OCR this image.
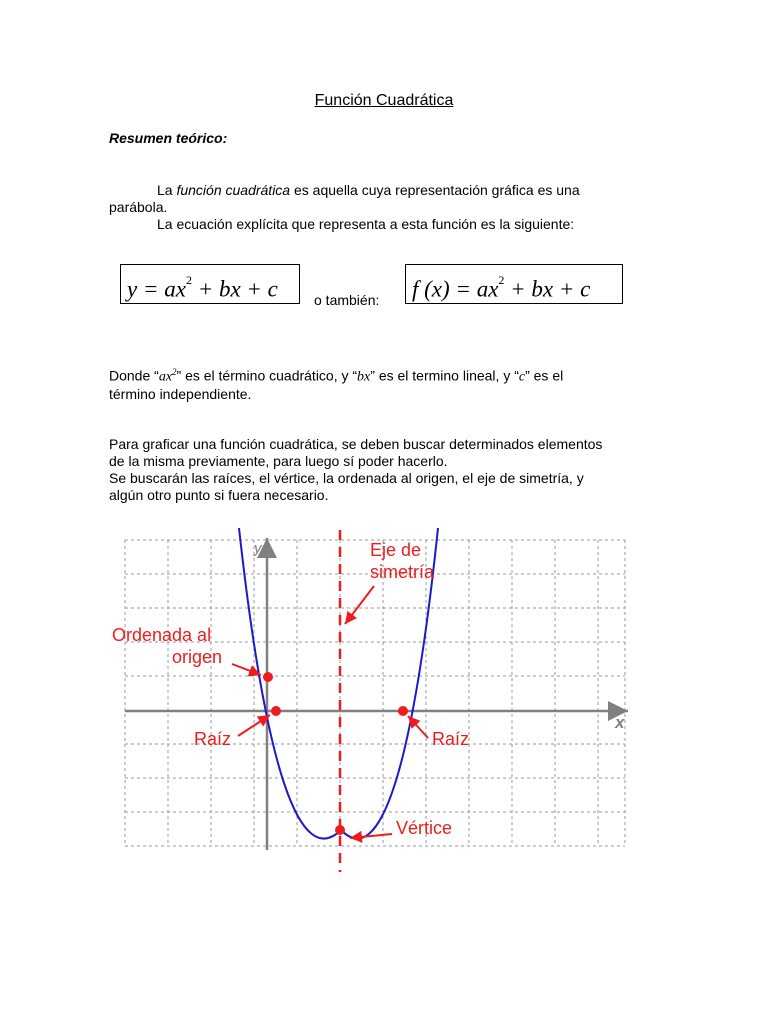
Función Cuadrática
Resumen teórico:
La función cuadrática es aquella cuya representación gráfica es una
parábola.
La ecuación explícita que representa a esta función es la siguiente:
$y = ax^2$ + bx + c	o también:	f $(x) = ax^2$ + bx + c
Donde “$ax^2$” es el término cuadrático, y “bx” es el termino lineal, y “c” es el
término independiente.
Para graficar una función cuadrática, se deben buscar determinados elementos
de la misma previamente, para luego sí poder hacerlo.
Se buscarán las raíces, el vértice, la ordenada al origen, el eje de simetría, y
algún otro punto si fuera necesario.
x
y	Eje de
simetría
Ordenada al
origen
Raíz	Raíz
Vértice
